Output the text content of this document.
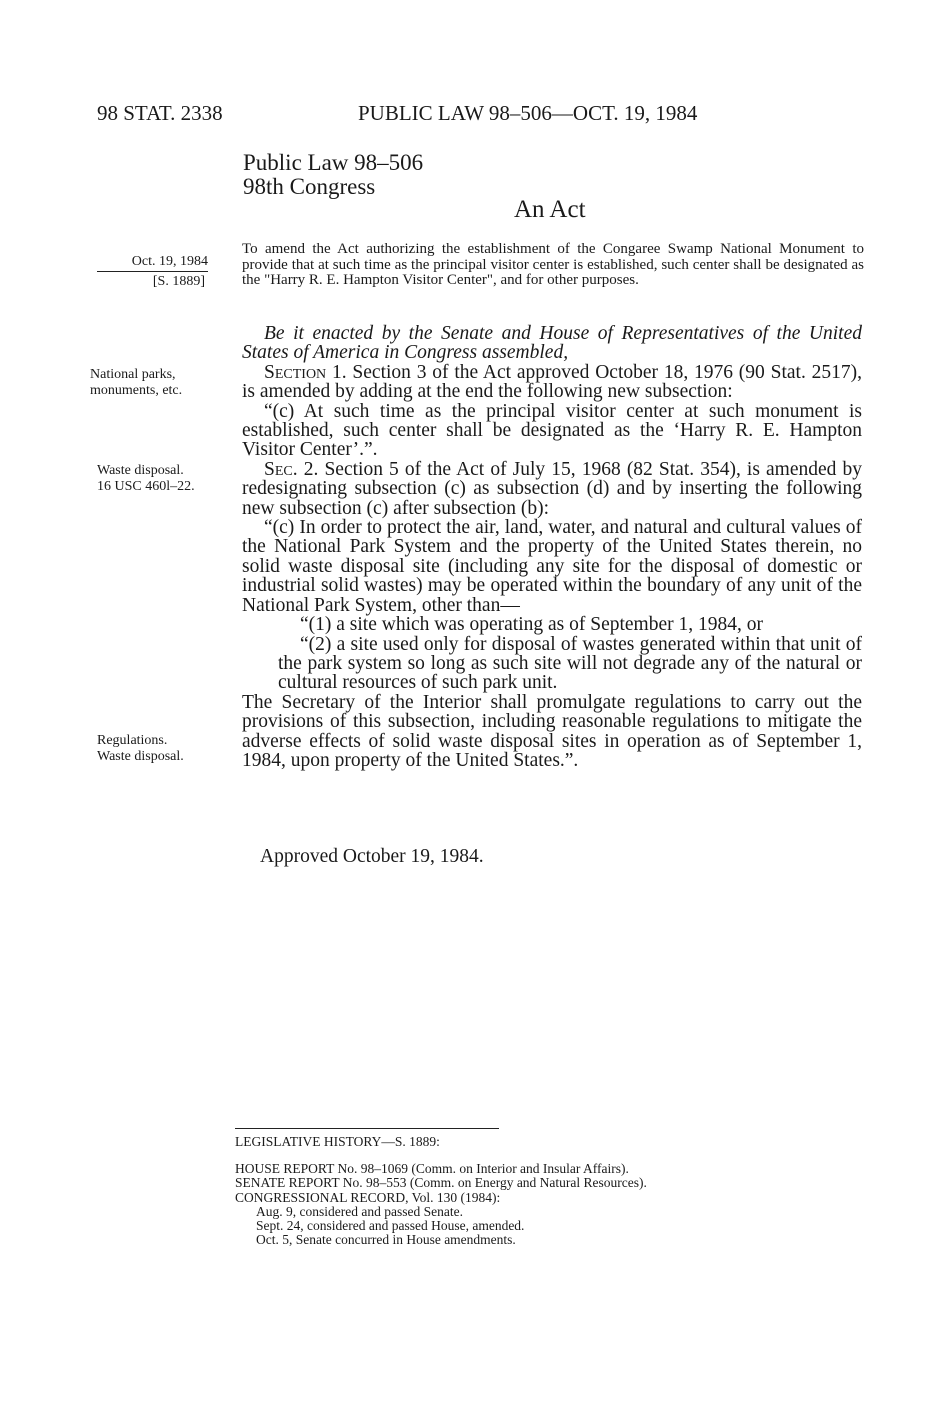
98 STAT. 2338	PUBLIC LAW 98–506—OCT. 19, 1984
Public Law 98–506
98th Congress
An Act
Oct. 19, 1984
[S. 1889]
National parks,
monuments, etc.
Waste disposal.
16 USC 460l–22.
Regulations.
Waste disposal.
To amend the Act authorizing the establishment of the Congaree Swamp National Monument to provide that at such time as the principal visitor center is established, such center shall be designated as the "Harry R. E. Hampton Visitor Center", and for other purposes.

Be it enacted by the Senate and House of Representatives of the United States of America in Congress assembled,

Section 1. Section 3 of the Act approved October 18, 1976 (90 Stat. 2517), is amended by adding at the end the following new subsection:

“(c) At such time as the principal visitor center at such monument is established, such center shall be designated as the ‘Harry R. E. Hampton Visitor Center’.”.

Sec. 2. Section 5 of the Act of July 15, 1968 (82 Stat. 354), is amended by redesignating subsection (c) as subsection (d) and by inserting the following new subsection (c) after subsection (b):

“(c) In order to protect the air, land, water, and natural and cultural values of the National Park System and the property of the United States therein, no solid waste disposal site (including any site for the disposal of domestic or industrial solid wastes) may be operated within the boundary of any unit of the National Park System, other than—

“(1) a site which was operating as of September 1, 1984, or

“(2) a site used only for disposal of wastes generated within that unit of the park system so long as such site will not degrade any of the natural or cultural resources of such park unit.

The Secretary of the Interior shall promulgate regulations to carry out the provisions of this subsection, including reasonable regulations to mitigate the adverse effects of solid waste disposal sites in operation as of September 1, 1984, upon property of the United States.”.

Approved October 19, 1984.

LEGISLATIVE HISTORY—S. 1889:

HOUSE REPORT No. 98–1069 (Comm. on Interior and Insular Affairs).

SENATE REPORT No. 98–553 (Comm. on Energy and Natural Resources).

CONGRESSIONAL RECORD, Vol. 130 (1984):

Aug. 9, considered and passed Senate.

Sept. 24, considered and passed House, amended.

Oct. 5, Senate concurred in House amendments.
